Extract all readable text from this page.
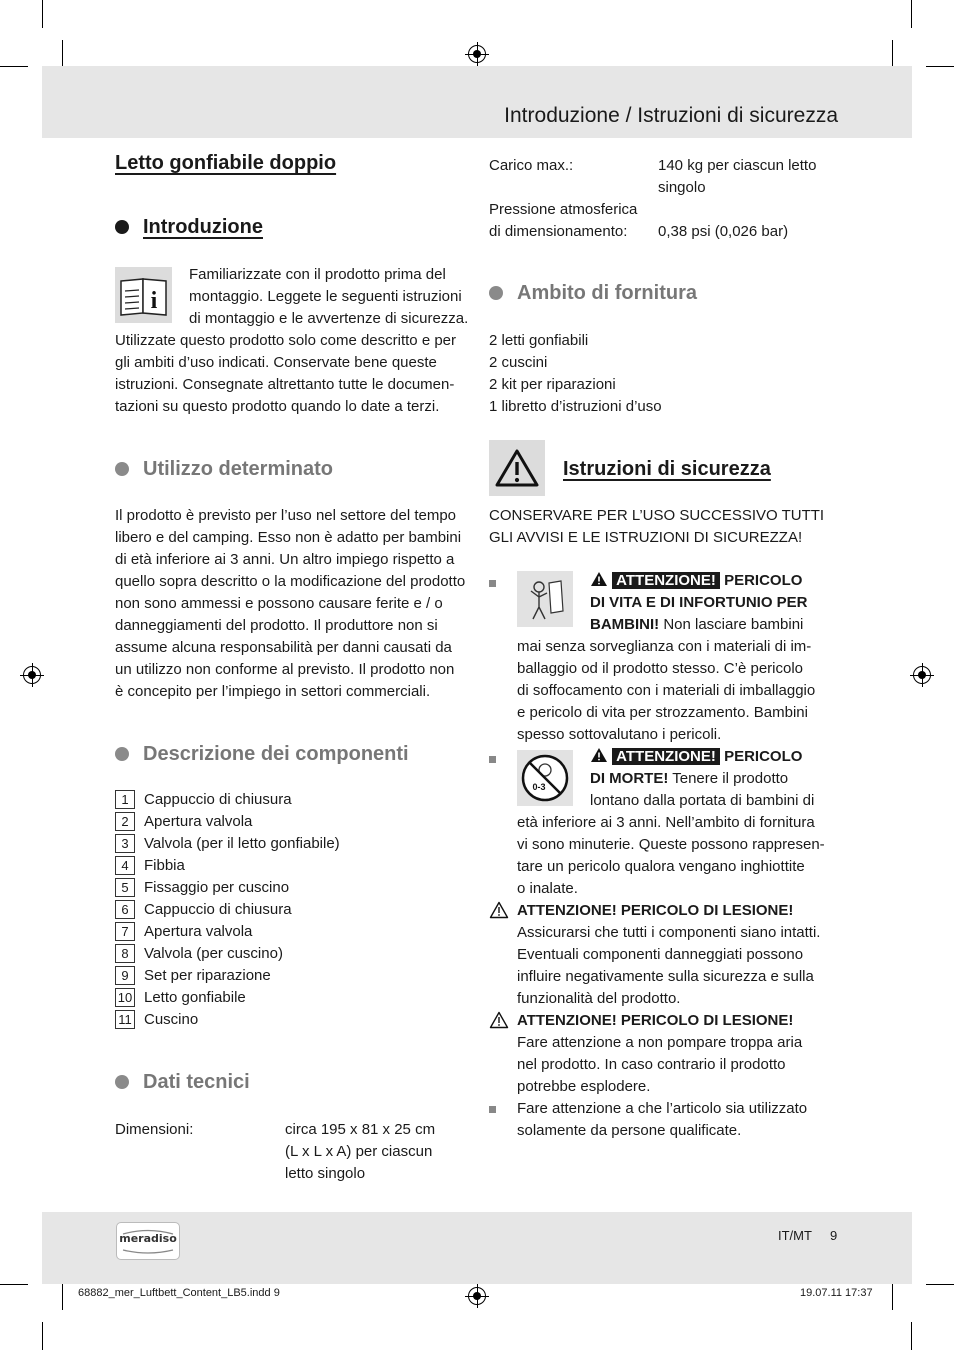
Introduzione / Istruzioni di sicurezza
Letto gonfiabile doppio
Introduzione
i
Familiarizzate con il prodotto prima del
montaggio. Leggete le seguenti istruzioni
di montaggio e le avvertenze di sicurezza.
Utilizzate questo prodotto solo come descritto e per
gli ambiti d’uso indicati. Conservate bene queste
istruzioni. Consegnate altrettanto tutte le documen-
tazioni su questo prodotto quando lo date a terzi.
Utilizzo determinato
Il prodotto è previsto per l’uso nel settore del tempo
libero e del camping. Esso non è adatto per bambini
di età inferiore ai 3 anni. Un altro impiego rispetto a
quello sopra descritto o la modificazione del prodotto
non sono ammessi e possono causare ferite e / o
danneggiamenti del prodotto. Il produttore non si
assume alcuna responsabilità per danni causati da
un utilizzo non conforme al previsto. Il prodotto non
è concepito per l’impiego in settori commerciali.
Descrizione dei componenti
1 Cappuccio di chiusura
2 Apertura valvola
3 Valvola (per il letto gonfiabile)
4 Fibbia
5 Fissaggio per cuscino
6 Cappuccio di chiusura
7 Apertura valvola
8 Valvola (per cuscino)
9 Set per riparazione
10 Letto gonfiabile
11 Cuscino
Dati tecnici
Dimensioni:	circa 195 x 81 x 25 cm
(L x L x A) per ciascun
letto singolo
Carico max.:	140 kg per ciascun letto
singolo
Pressione atmosferica
di dimensionamento:	0,38 psi (0,026 bar)
Ambito di fornitura
2 letti gonfiabili
2 cuscini
2 kit per riparazioni
1 libretto d’istruzioni d’uso
Istruzioni di sicurezza
CONSERVARE PER L’USO SUCCESSIVO TUTTI
GLI AVVISI E LE ISTRUZIONI DI SICUREZZA!
ATTENZIONE! PERICOLO
DI VITA E DI INFORTUNIO PER
BAMBINI! Non lasciare bambini
mai senza sorveglianza con i materiali di im-
ballaggio od il prodotto stesso. C’è pericolo
di soffocamento con i materiali di imballaggio
e pericolo di vita per strozzamento. Bambini
spesso sottovalutano i pericoli.
0-3
ATTENZIONE! PERICOLO
DI MORTE! Tenere il prodotto
lontano dalla portata di bambini di
età inferiore ai 3 anni. Nell’ambito di fornitura
vi sono minuterie. Queste possono rappresen-
tare un pericolo qualora vengano inghiottite
o inalate.
ATTENZIONE! PERICOLO DI LESIONE!
Assicurarsi che tutti i componenti siano intatti.
Eventuali componenti danneggiati possono
influire negativamente sulla sicurezza e sulla
funzionalità del prodotto.
ATTENZIONE! PERICOLO DI LESIONE!
Fare attenzione a non pompare troppa aria
nel prodotto. In caso contrario il prodotto
potrebbe esplodere.
Fare attenzione a che l’articolo sia utilizzato
solamente da persone qualificate.
meradiso	IT/MT 9
68882_mer_Luftbett_Content_LB5.indd 9	19.07.11 17:37
